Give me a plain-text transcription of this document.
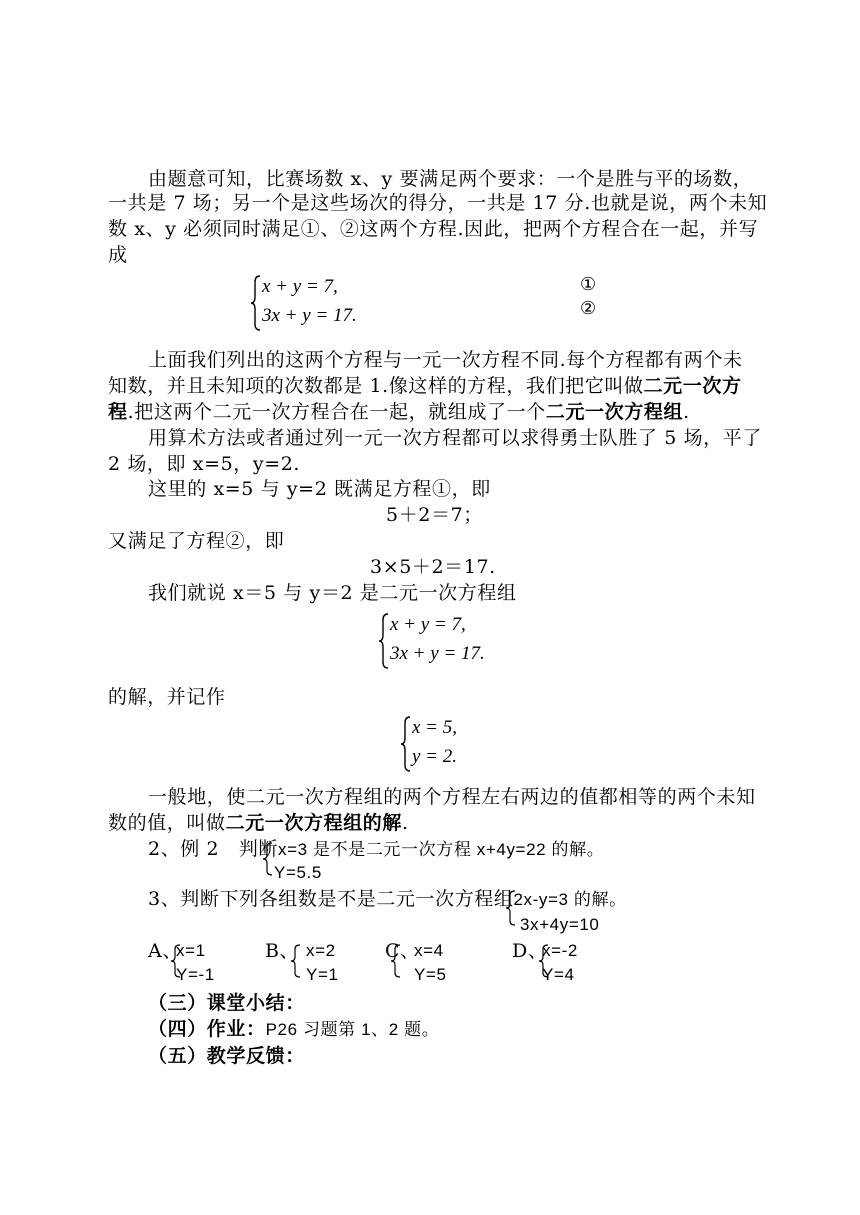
由题意可知，比赛场数 x、y 要满足两个要求：一个是胜与平的场数，
一共是 7 场；另一个是这些场次的得分，一共是 17 分.也就是说，两个未知
数 x、y 必须同时满足①、②这两个方程.因此，把两个方程合在一起，并写
成
x + y = 7,
3x + y = 17.
①
②
上面我们列出的这两个方程与一元一次方程不同.每个方程都有两个未
知数，并且未知项的次数都是 1.像这样的方程，我们把它叫做二元一次方
程.把这两个二元一次方程合在一起，就组成了一个二元一次方程组.
用算术方法或者通过列一元一次方程都可以求得勇士队胜了 5 场，平了
2 场，即 x=5，y=2.
这里的 x=5 与 y=2 既满足方程①，即
5＋2＝7；
又满足了方程②，即
3×5＋2＝17.
我们就说 x＝5 与 y＝2 是二元一次方程组
x + y = 7,
3x + y = 17.
的解，并记作
x = 5,
y = 2.
一般地，使二元一次方程组的两个方程左右两边的值都相等的两个未知
数的值，叫做二元一次方程组的解.
2、例 2　判断x=3 是不是二元一次方程 x+4y=22 的解。
Y=5.5
3、判断下列各组数是不是二元一次方程组2x-y=3 的解。
3x+4y=10
A、
x=1
Y=-1
B、 x=2
Y=1
C、
x=4
Y=5
D、
x=-2
Y=4
（三）课堂小结：
（四）作业：P26 习题第 1、2 题。
（五）教学反馈：
